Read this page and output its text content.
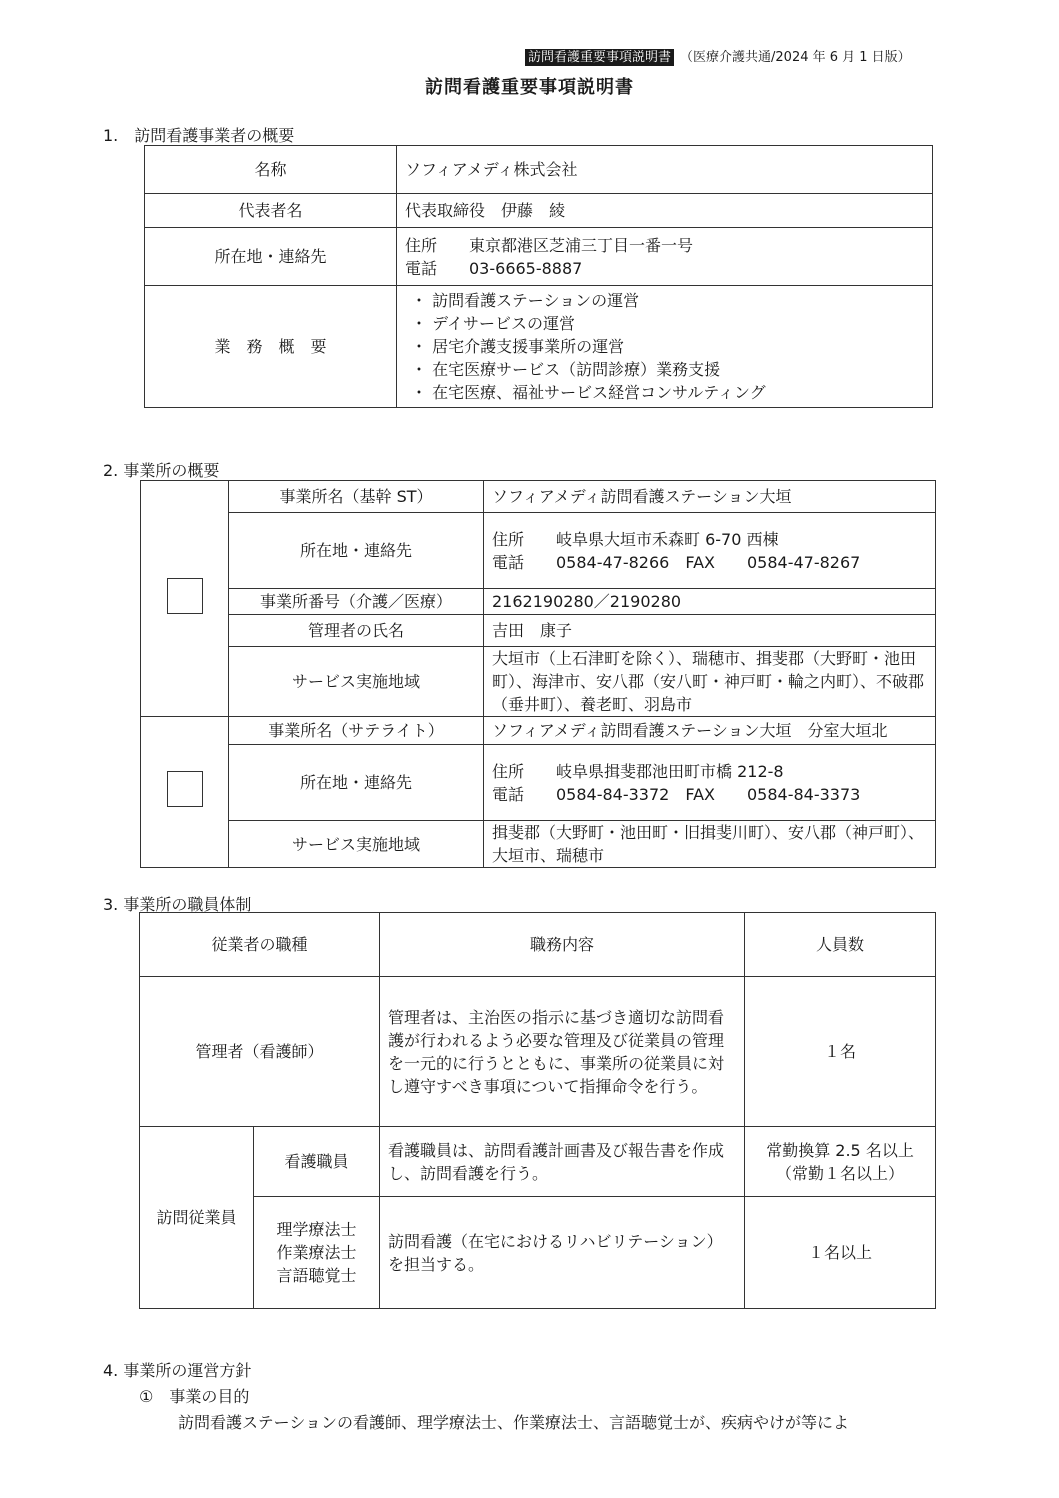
訪問看護重要事項説明書 （医療介護共通/2024 年 6 月 1 日版）
訪問看護重要事項説明書
1.　訪問看護事業者の概要
名称	ソフィアメディ株式会社
代表者名	代表取締役　伊藤　綾
所在地・連絡先	住所　　東京都港区芝浦三丁目一番一号
電話　　03-6665-8887

業　務　概　要	・ 訪問看護ステーションの運営
・ デイサービスの運営
・ 居宅介護支援事業所の運営
・ 在宅医療サービス（訪問診療）業務支援
・ 在宅医療、福祉サービス経営コンサルティング
2. 事業所の概要
	事業所名（基幹 ST）	ソフィアメディ訪問看護ステーション大垣
	所在地・連絡先	住所　　岐阜県大垣市禾森町 6-70 西棟
電話　　0584-47-8266　FAX　　0584-47-8267

	事業所番号（介護／医療）	2162190280／2190280
	管理者の氏名	吉田　康子
	サービス実施地域	大垣市（上石津町を除く）、瑞穂市、揖斐郡（大野町・池田町）、海津市、安八郡（安八町・神戸町・輪之内町）、不破郡（垂井町）、養老町、羽島市
	事業所名（サテライト）	ソフィアメディ訪問看護ステーション大垣　分室大垣北
	所在地・連絡先	住所　　岐阜県揖斐郡池田町市橋 212-8
電話　　0584-84-3372　FAX　　0584-84-3373

	サービス実施地域	揖斐郡（大野町・池田町・旧揖斐川町）、安八郡（神戸町）、大垣市、瑞穂市
3. 事業所の職員体制
従業者の職種		職務内容	人員数
管理者（看護師）		管理者は、主治医の指示に基づき適切な訪問看護が行われるよう必要な管理及び従業員の管理を一元的に行うとともに、事業所の従業員に対し遵守すべき事項について指揮命令を行う。	１名
訪問従業員	看護職員	看護職員は、訪問看護計画書及び報告書を作成し、訪問看護を行う。	常勤換算 2.5 名以上
（常勤１名以上）

	理学療法士
作業療法士
言語聴覚士	訪問看護（在宅におけるリハビリテーション）を担当する。	１名以上
4. 事業所の運営方針
①　事業の目的
訪問看護ステーションの看護師、理学療法士、作業療法士、言語聴覚士が、疾病やけが等によ
